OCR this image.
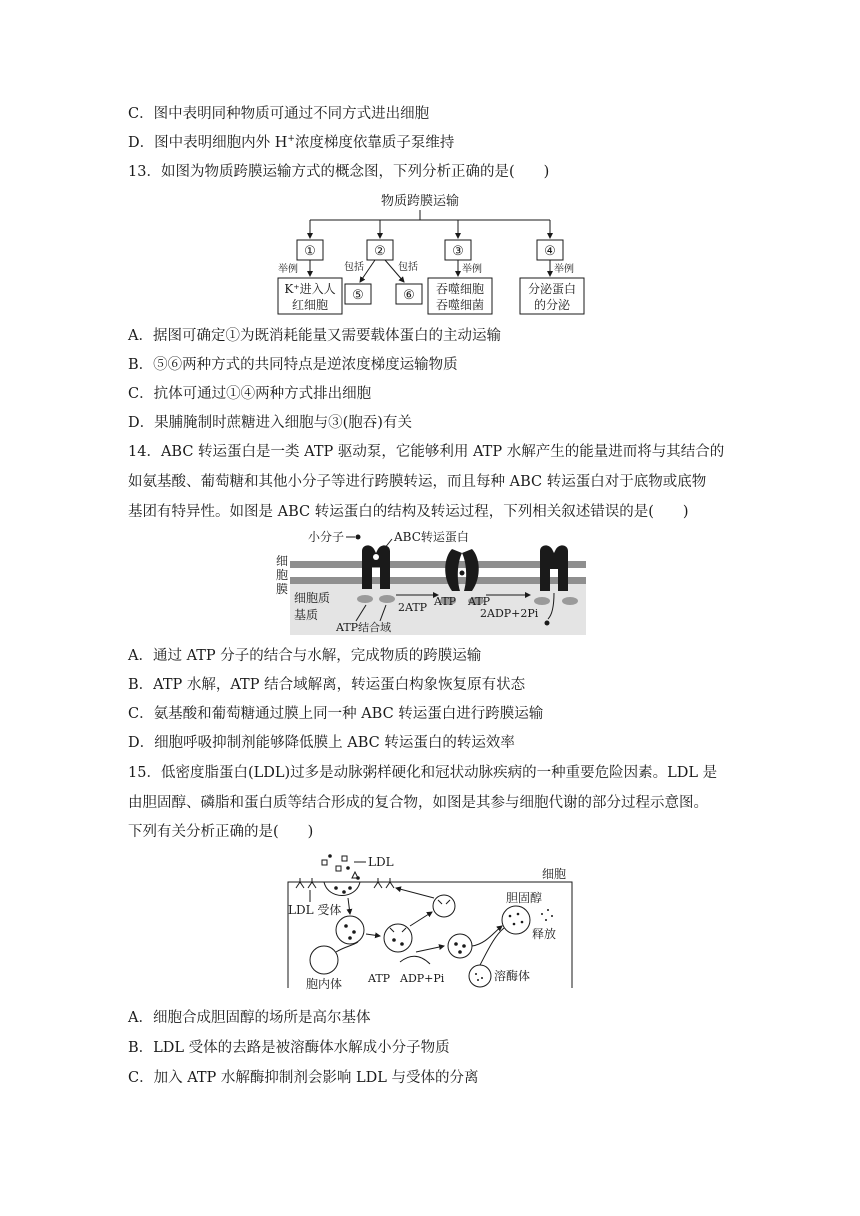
C．图中表明同种物质可通过不同方式进出细胞
D．图中表明细胞内外 H+浓度梯度依靠质子泵维持
13．如图为物质跨膜运输方式的概念图，下列分析正确的是(　　)
物质跨膜运输
①	②	③	④
举例	包括	包括	举例	举例
⑤	⑥
K⁺进入人
红细胞
吞噬细胞
吞噬细菌
分泌蛋白
的分泌
A．据图可确定①为既消耗能量又需要载体蛋白的主动运输
B．⑤⑥两种方式的共同特点是逆浓度梯度运输物质
C．抗体可通过①④两种方式排出细胞
D．果脯腌制时蔗糖进入细胞与③(胞吞)有关
14．ABC 转运蛋白是一类 ATP 驱动泵，它能够利用 ATP 水解产生的能量进而将与其结合的
如氨基酸、葡萄糖和其他小分子等进行跨膜转运，而且每种 ABC 转运蛋白对于底物或底物
基团有特异性。如图是 ABC 转运蛋白的结构及转运过程，下列相关叙述错误的是(　　)
细
胞
膜
小分子	ABC转运蛋白
细胞质
基质
2ATP ATP ATP
2ADP+2Pi
ATP结合域
A．通过 ATP 分子的结合与水解，完成物质的跨膜运输
B．ATP 水解，ATP 结合域解离，转运蛋白构象恢复原有状态
C．氨基酸和葡萄糖通过膜上同一种 ABC 转运蛋白进行跨膜运输
D．细胞呼吸抑制剂能够降低膜上 ABC 转运蛋白的转运效率
15．低密度脂蛋白(LDL)过多是动脉粥样硬化和冠状动脉疾病的一种重要危险因素。LDL 是
由胆固醇、磷脂和蛋白质等结合形成的复合物，如图是其参与细胞代谢的部分过程示意图。
下列有关分析正确的是(　　)
细胞
LDL
LDL 受体
胞内体 ATP ADP+Pi	溶酶体
胆固醇
释放
A．细胞合成胆固醇的场所是高尔基体
B．LDL 受体的去路是被溶酶体水解成小分子物质
C．加入 ATP 水解酶抑制剂会影响 LDL 与受体的分离
